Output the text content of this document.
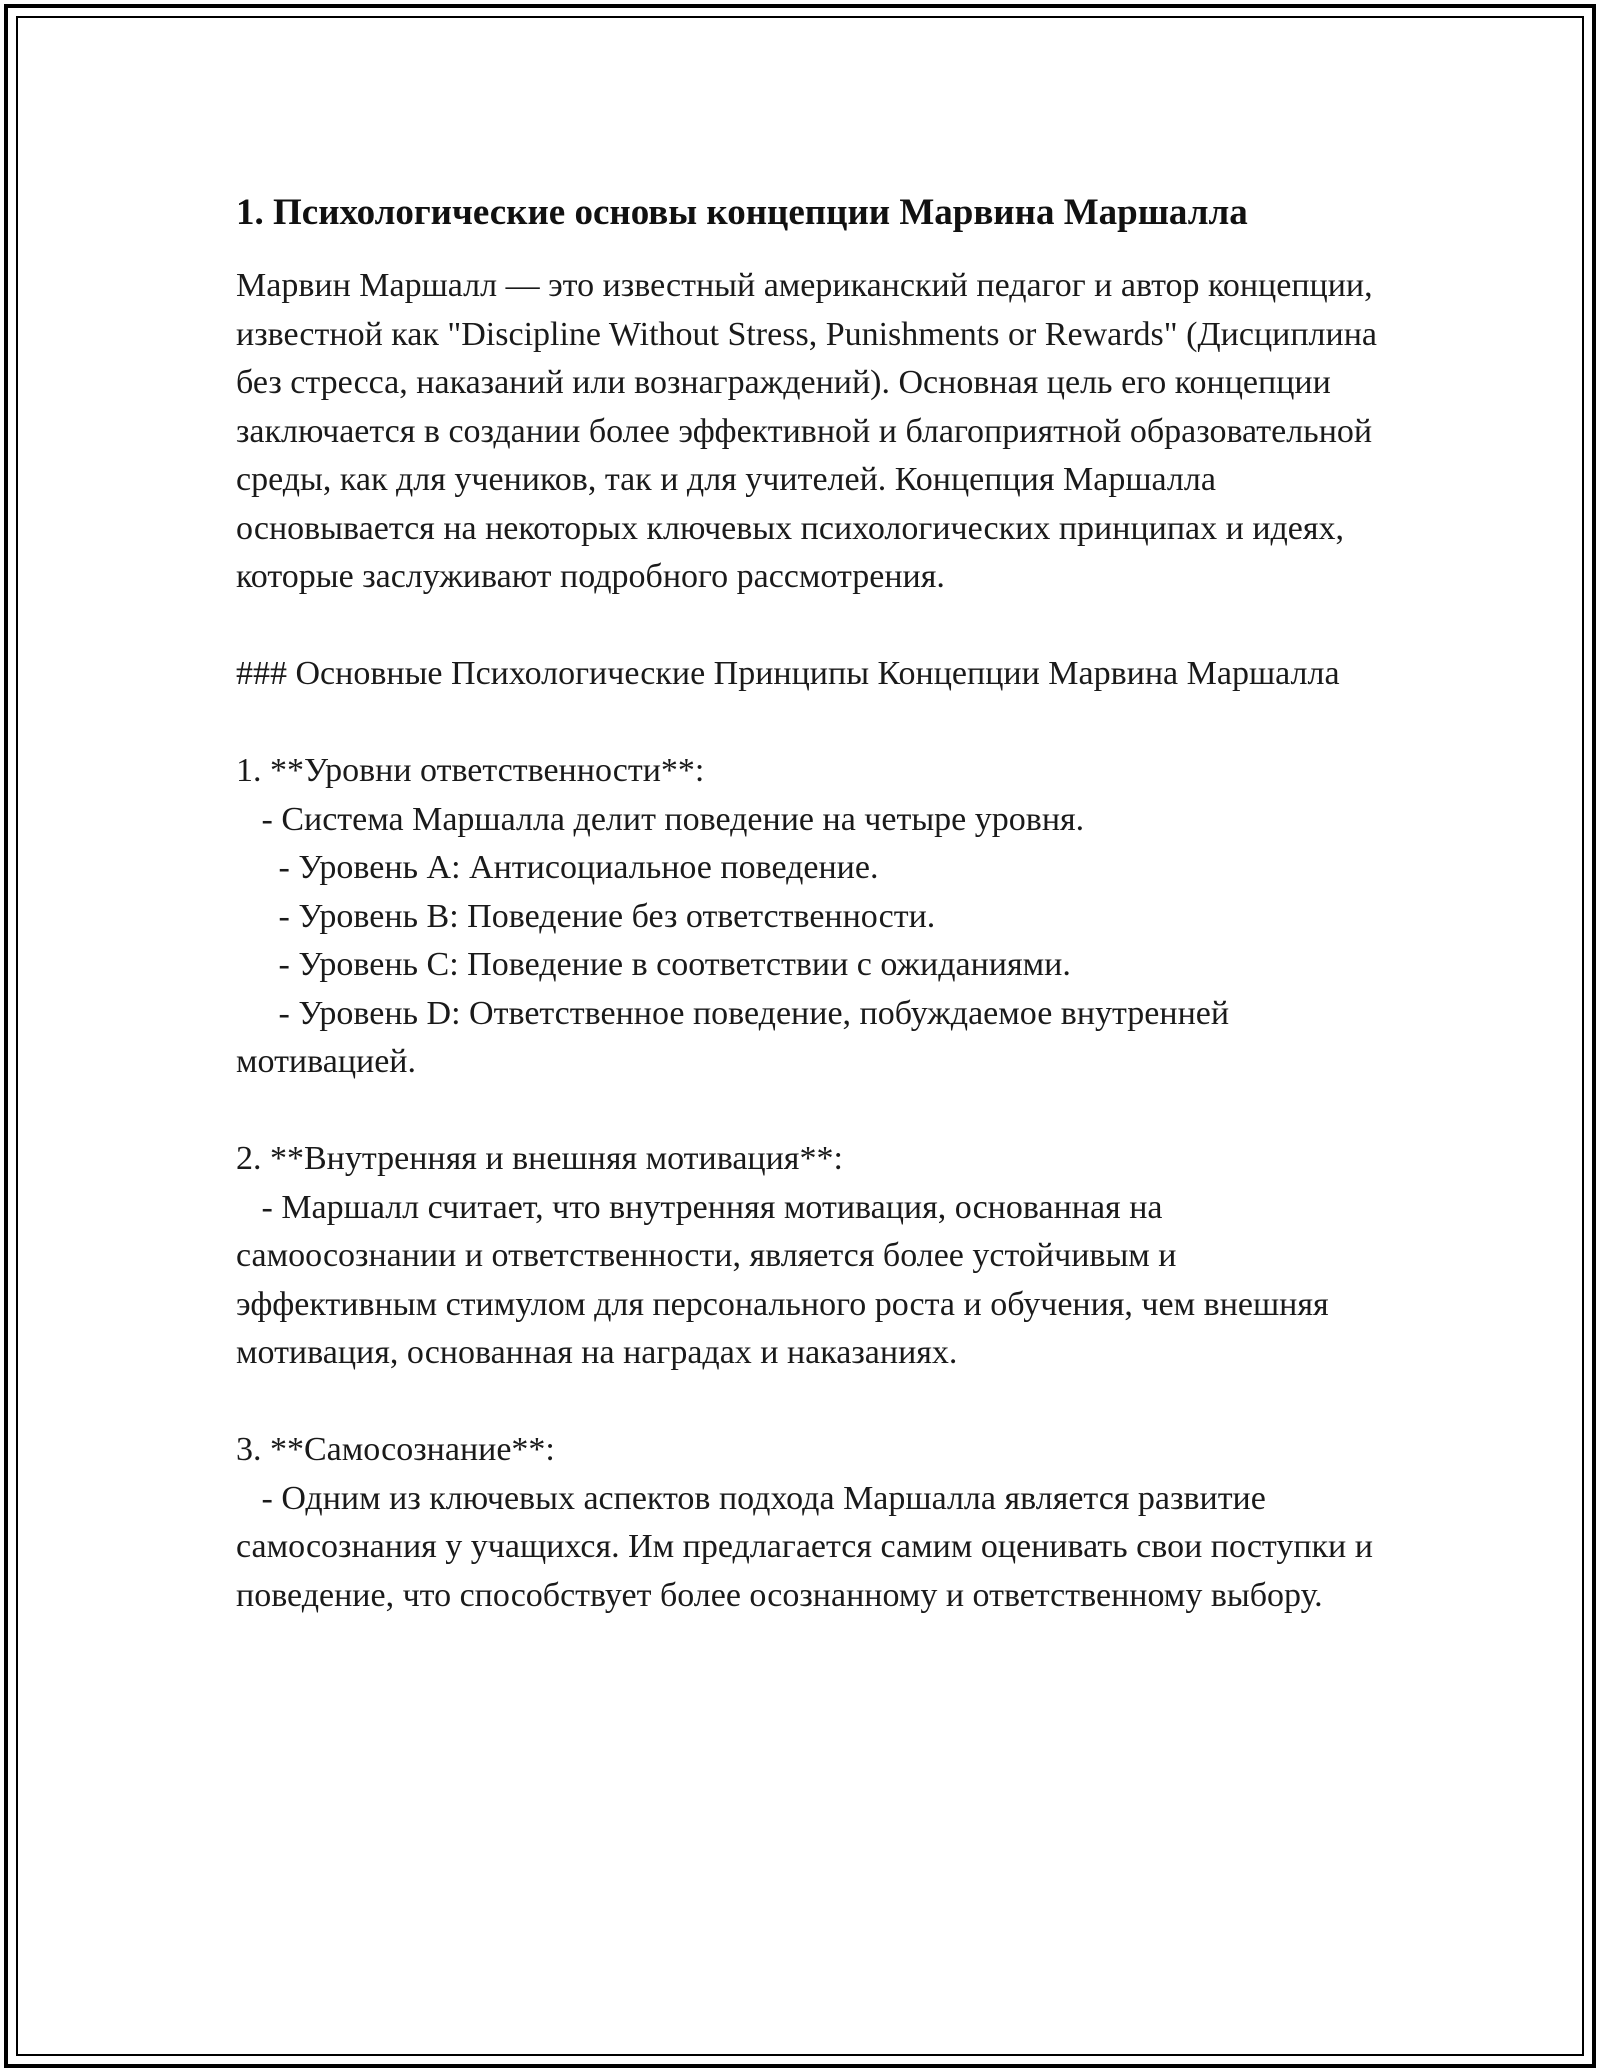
1. Психологические основы концепции Марвина Маршалла

Марвин Маршалл — это известный американский педагог и автор концепции, известной как "Discipline Without Stress, Punishments or Rewards" (Дисциплина без стресса, наказаний или вознаграждений). Основная цель его концепции заключается в создании более эффективной и благоприятной образовательной среды, как для учеников, так и для учителей. Концепция Маршалла основывается на некоторых ключевых психологических принципах и идеях, которые заслуживают подробного рассмотрения.

### Основные Психологические Принципы Концепции Марвина Маршалла

1. **Уровни ответственности**:
- Система Маршалла делит поведение на четыре уровня.
- Уровень A: Антисоциальное поведение.
- Уровень B: Поведение без ответственности.
- Уровень C: Поведение в соответствии с ожиданиями.
- Уровень D: Ответственное поведение, побуждаемое внутренней мотивацией.
2. **Внутренняя и внешняя мотивация**:
- Маршалл считает, что внутренняя мотивация, основанная на самоосознании и ответственности, является более устойчивым и эффективным стимулом для персонального роста и обучения, чем внешняя мотивация, основанная на наградах и наказаниях.
3. **Самосознание**:
- Одним из ключевых аспектов подхода Маршалла является развитие самосознания у учащихся. Им предлагается самим оценивать свои поступки и поведение, что способствует более осознанному и ответственному выбору.
